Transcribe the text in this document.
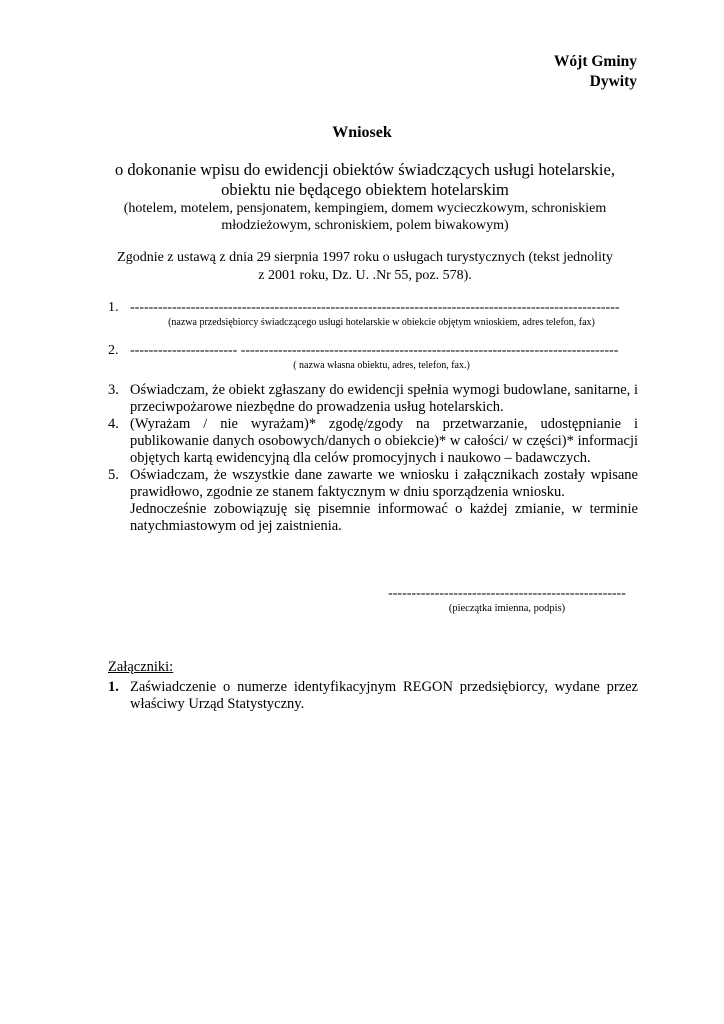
Wójt Gminy
Dywity
Wniosek
o dokonanie wpisu do ewidencji obiektów świadczących usługi hotelarskie,
obiektu nie będącego obiektem hotelarskim
(hotelem, motelem, pensjonatem, kempingiem, domem wycieczkowym, schroniskiem
młodzieżowym, schroniskiem, polem biwakowym)
Zgodnie z ustawą z dnia 29 sierpnia 1997 roku o usługach turystycznych (tekst jednolity
z 2001 roku, Dz. U. .Nr 55, poz. 578).
1. ---------------------------------------------------------------------------------------------------------
(nazwa przedsiębiorcy świadczącego usługi hotelarskie w obiekcie objętym wnioskiem, adres telefon, fax)
2. ----------------------- ---------------------------------------------------------------------------------
( nazwa własna obiektu, adres, telefon, fax.)
3. Oświadczam, że obiekt zgłaszany do ewidencji spełnia wymogi budowlane, sanitarne, i przeciwpożarowe niezbędne do prowadzenia usług hotelarskich.

4. (Wyrażam / nie wyrażam)* zgodę/zgody na przetwarzanie, udostępnianie i publikowanie danych osobowych/danych o obiekcie)* w całości/ w części)* informacji objętych kartą ewidencyjną dla celów promocyjnych i naukowo – badawczych.

5. Oświadczam, że wszystkie dane zawarte we wniosku i załącznikach zostały wpisane prawidłowo, zgodnie ze stanem faktycznym w dniu sporządzenia wniosku.

Jednocześnie zobowiązuję się pisemnie informować o każdej zmianie, w terminie natychmiastowym od jej zaistnienia.

---------------------------------------------------
(pieczątka imienna, podpis)
Załączniki:
1. Zaświadczenie o numerze identyfikacyjnym REGON przedsiębiorcy, wydane przez właściwy Urząd Statystyczny.
